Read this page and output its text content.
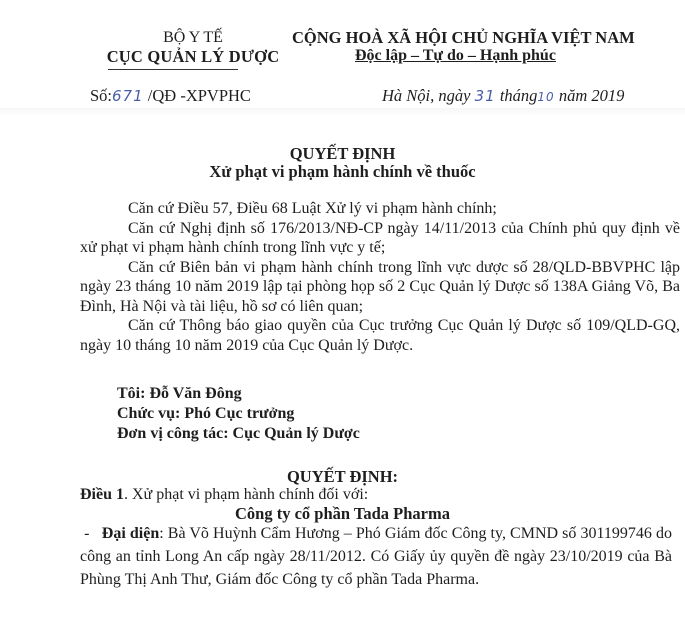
BỘ Y TẾ
CỤC QUẢN LÝ DƯỢC
Số:671 /QĐ -XPVPHC
CỘNG HOÀ XÃ HỘI CHỦ NGHĨA VIỆT NAM
Độc lập – Tự do – Hạnh phúc
Hà Nội, ngày 31 tháng10 năm 2019
QUYẾT ĐỊNH
Xử phạt vi phạm hành chính về thuốc

Căn cứ Điều 57, Điều 68 Luật Xử lý vi phạm hành chính;

Căn cứ Nghị định số 176/2013/NĐ-CP ngày 14/11/2013 của Chính phủ quy định về xử phạt vi phạm hành chính trong lĩnh vực y tế;

Căn cứ Biên bản vi phạm hành chính trong lĩnh vực dược số 28/QLD-BBVPHC lập ngày 23 tháng 10 năm 2019 lập tại phòng họp số 2 Cục Quản lý Dược số 138A Giảng Võ, Ba Đình, Hà Nội và tài liệu, hồ sơ có liên quan;

Căn cứ Thông báo giao quyền của Cục trưởng Cục Quản lý Dược số 109/QLD-GQ, ngày 10 tháng 10 năm 2019 của Cục Quản lý Dược.

Tôi: Đỗ Văn Đông
Chức vụ: Phó Cục trưởng
Đơn vị công tác: Cục Quản lý Dược
QUYẾT ĐỊNH:
Điều 1. Xử phạt vi phạm hành chính đối với:
Công ty cổ phần Tada Pharma
- Đại diện: Bà Võ Huỳnh Cẩm Hương – Phó Giám đốc Công ty, CMND số 301199746 do công an tỉnh Long An cấp ngày 28/11/2012. Có Giấy ủy quyền đề ngày 23/10/2019 của Bà Phùng Thị Anh Thư, Giám đốc Công ty cổ phần Tada Pharma.
